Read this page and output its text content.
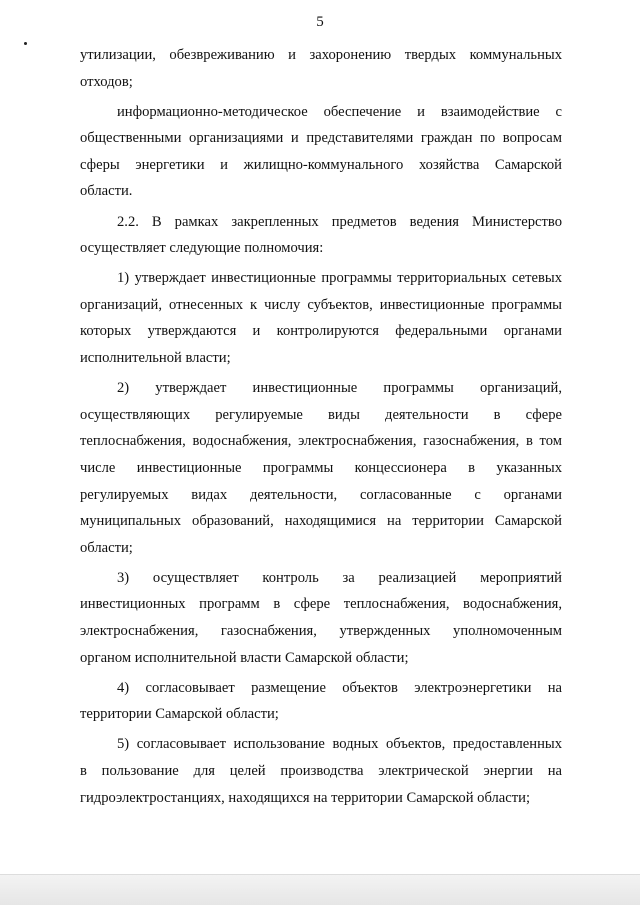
5
утилизации, обезвреживанию и захоронению твердых коммунальных
отходов;
информационно-методическое обеспечение и взаимодействие с
общественными организациями и представителями граждан по вопросам
сферы энергетики и жилищно-коммунального хозяйства Самарской
области.
2.2. В рамках закрепленных предметов ведения Министерство
осуществляет следующие полномочия:
1) утверждает инвестиционные программы территориальных сетевых
организаций, отнесенных к числу субъектов, инвестиционные программы
которых утверждаются и контролируются федеральными органами
исполнительной власти;
2) утверждает инвестиционные программы организаций,
осуществляющих регулируемые виды деятельности в сфере
теплоснабжения, водоснабжения, электроснабжения, газоснабжения, в том
числе инвестиционные программы концессионера в указанных
регулируемых видах деятельности, согласованные с органами
муниципальных образований, находящимися на территории Самарской
области;
3) осуществляет контроль за реализацией мероприятий
инвестиционных программ в сфере теплоснабжения, водоснабжения,
электроснабжения, газоснабжения, утвержденных уполномоченным
органом исполнительной власти Самарской области;
4) согласовывает размещение объектов электроэнергетики на
территории Самарской области;
5) согласовывает использование водных объектов, предоставленных
в пользование для целей производства электрической энергии на
гидроэлектростанциях, находящихся на территории Самарской области;
